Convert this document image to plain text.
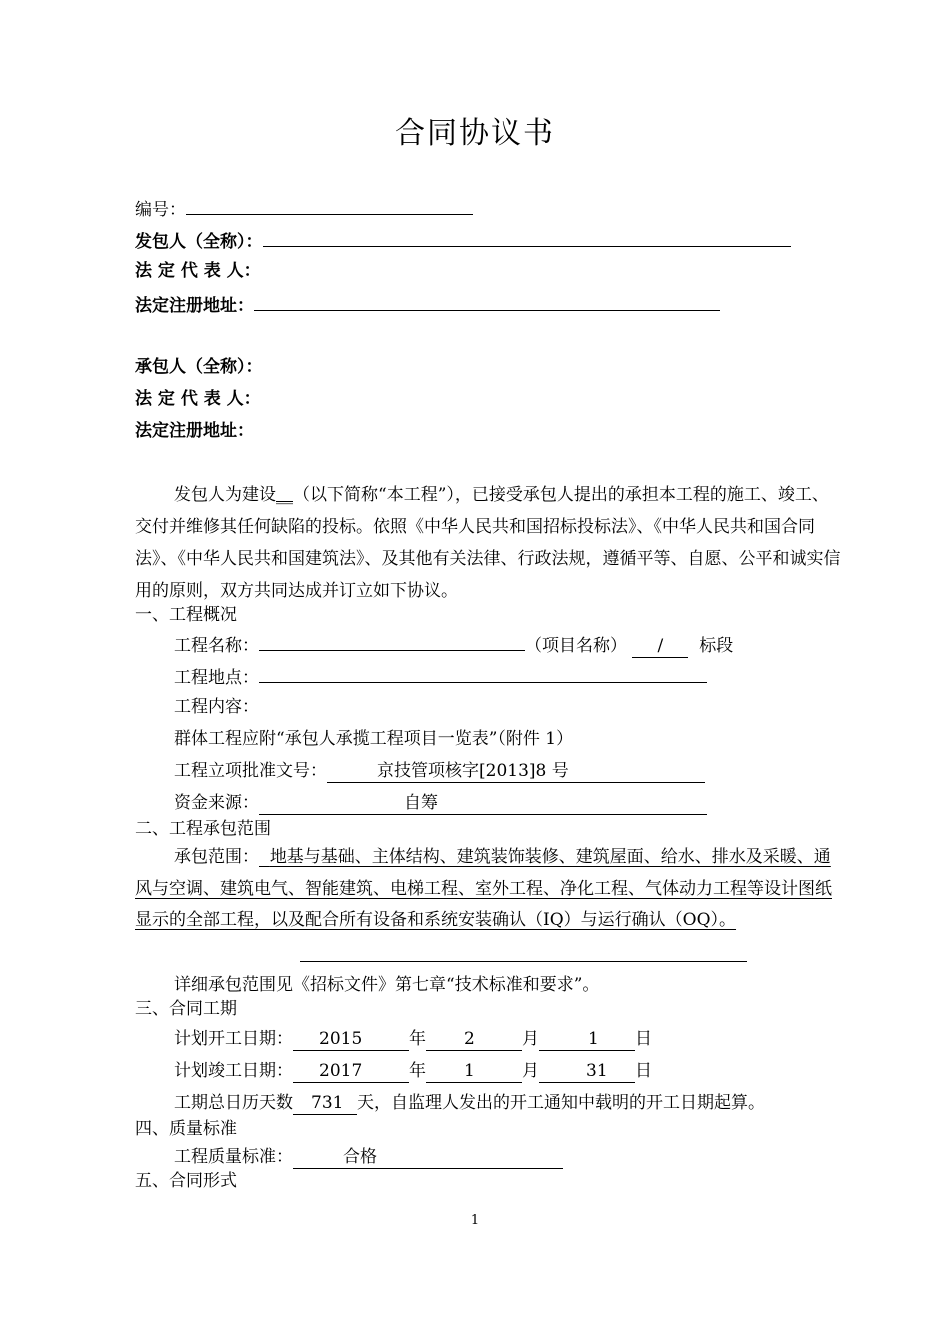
合同协议书
编号：
发包人（全称）：
法 定 代 表 人：
法定注册地址：
承包人（全称）：
法 定 代 表 人：
法定注册地址：
发包人为建设__（以下简称“本工程”），已接受承包人提出的承担本工程的施工、竣工、交付并维修其任何缺陷的投标。依照《中华人民共和国招标投标法》、《中华人民共和国合同法》、《中华人民共和国建筑法》、及其他有关法律、行政法规，遵循平等、自愿、公平和诚实信用的原则，双方共同达成并订立如下协议。
一、工程概况
工程名称：	（项目名称） / 标段
工程地点：
工程内容：
群体工程应附“承包人承揽工程项目一览表”（附件 1）
工程立项批准文号：	京技管项核字[2013]8 号
资金来源：	自筹
二、工程承包范围
承包范围： 地基与基础、主体结构、建筑装饰装修、建筑屋面、给水、排水及采暖、通风与空调、建筑电气、智能建筑、电梯工程、室外工程、净化工程、气体动力工程等设计图纸显示的全部工程，以及配合所有设备和系统安装确认（IQ）与运行确认（OQ）。
详细承包范围见《招标文件》第七章“技术标准和要求”。
三、合同工期
计划开工日期： 2015	年 2	月	1 日
计划竣工日期： 2017	年 1	月	31 日
工期总日历天数 731 天，自监理人发出的开工通知中载明的开工日期起算。
四、质量标准
工程质量标准：	合格
五、合同形式
1
